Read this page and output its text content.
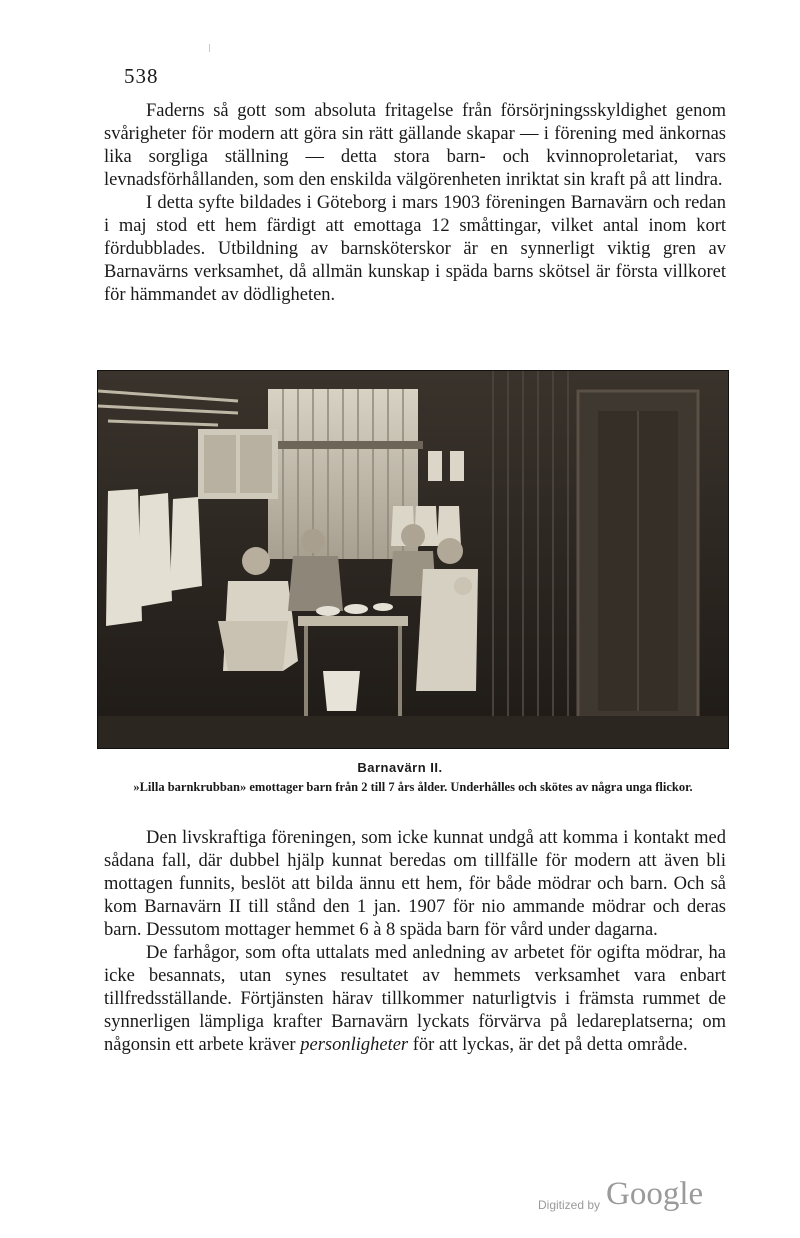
538

Faderns så gott som absoluta fritagelse från försörjningsskyldighet genom svårigheter för modern att göra sin rätt gällande skapar — i förening med änkornas lika sorgliga ställning — detta stora barn- och kvinnoproletariat, vars levnadsförhållanden, som den enskilda välgörenheten inriktat sin kraft på att lindra.

I detta syfte bildades i Göteborg i mars 1903 föreningen Barnavärn och redan i maj stod ett hem färdigt att emottaga 12 småttingar, vilket antal inom kort fördubblades. Utbildning av barnsköterskor är en synnerligt viktig gren av Barnavärns verksamhet, då allmän kunskap i späda barns skötsel är första villkoret för hämmandet av dödligheten.

Barnavärn II.
»Lilla barnkrubban» emottager barn från 2 till 7 års ålder. Underhålles och skötes av några unga flickor.

Den livskraftiga föreningen, som icke kunnat undgå att komma i kontakt med sådana fall, där dubbel hjälp kunnat beredas om tillfälle för modern att även bli mottagen funnits, beslöt att bilda ännu ett hem, för både mödrar och barn. Och så kom Barnavärn II till stånd den 1 jan. 1907 för nio ammande mödrar och deras barn. Dessutom mottager hemmet 6 à 8 späda barn för vård under dagarna.

De farhågor, som ofta uttalats med anledning av arbetet för ogifta mödrar, ha icke besannats, utan synes resultatet av hemmets verksamhet vara enbart tillfredsställande. Förtjänsten härav tillkommer naturligtvis i främsta rummet de synnerligen lämpliga krafter Barnavärn lyckats förvärva på ledareplatserna; om någonsin ett arbete kräver personligheter för att lyckas, är det på detta område.

Digitized by Google
